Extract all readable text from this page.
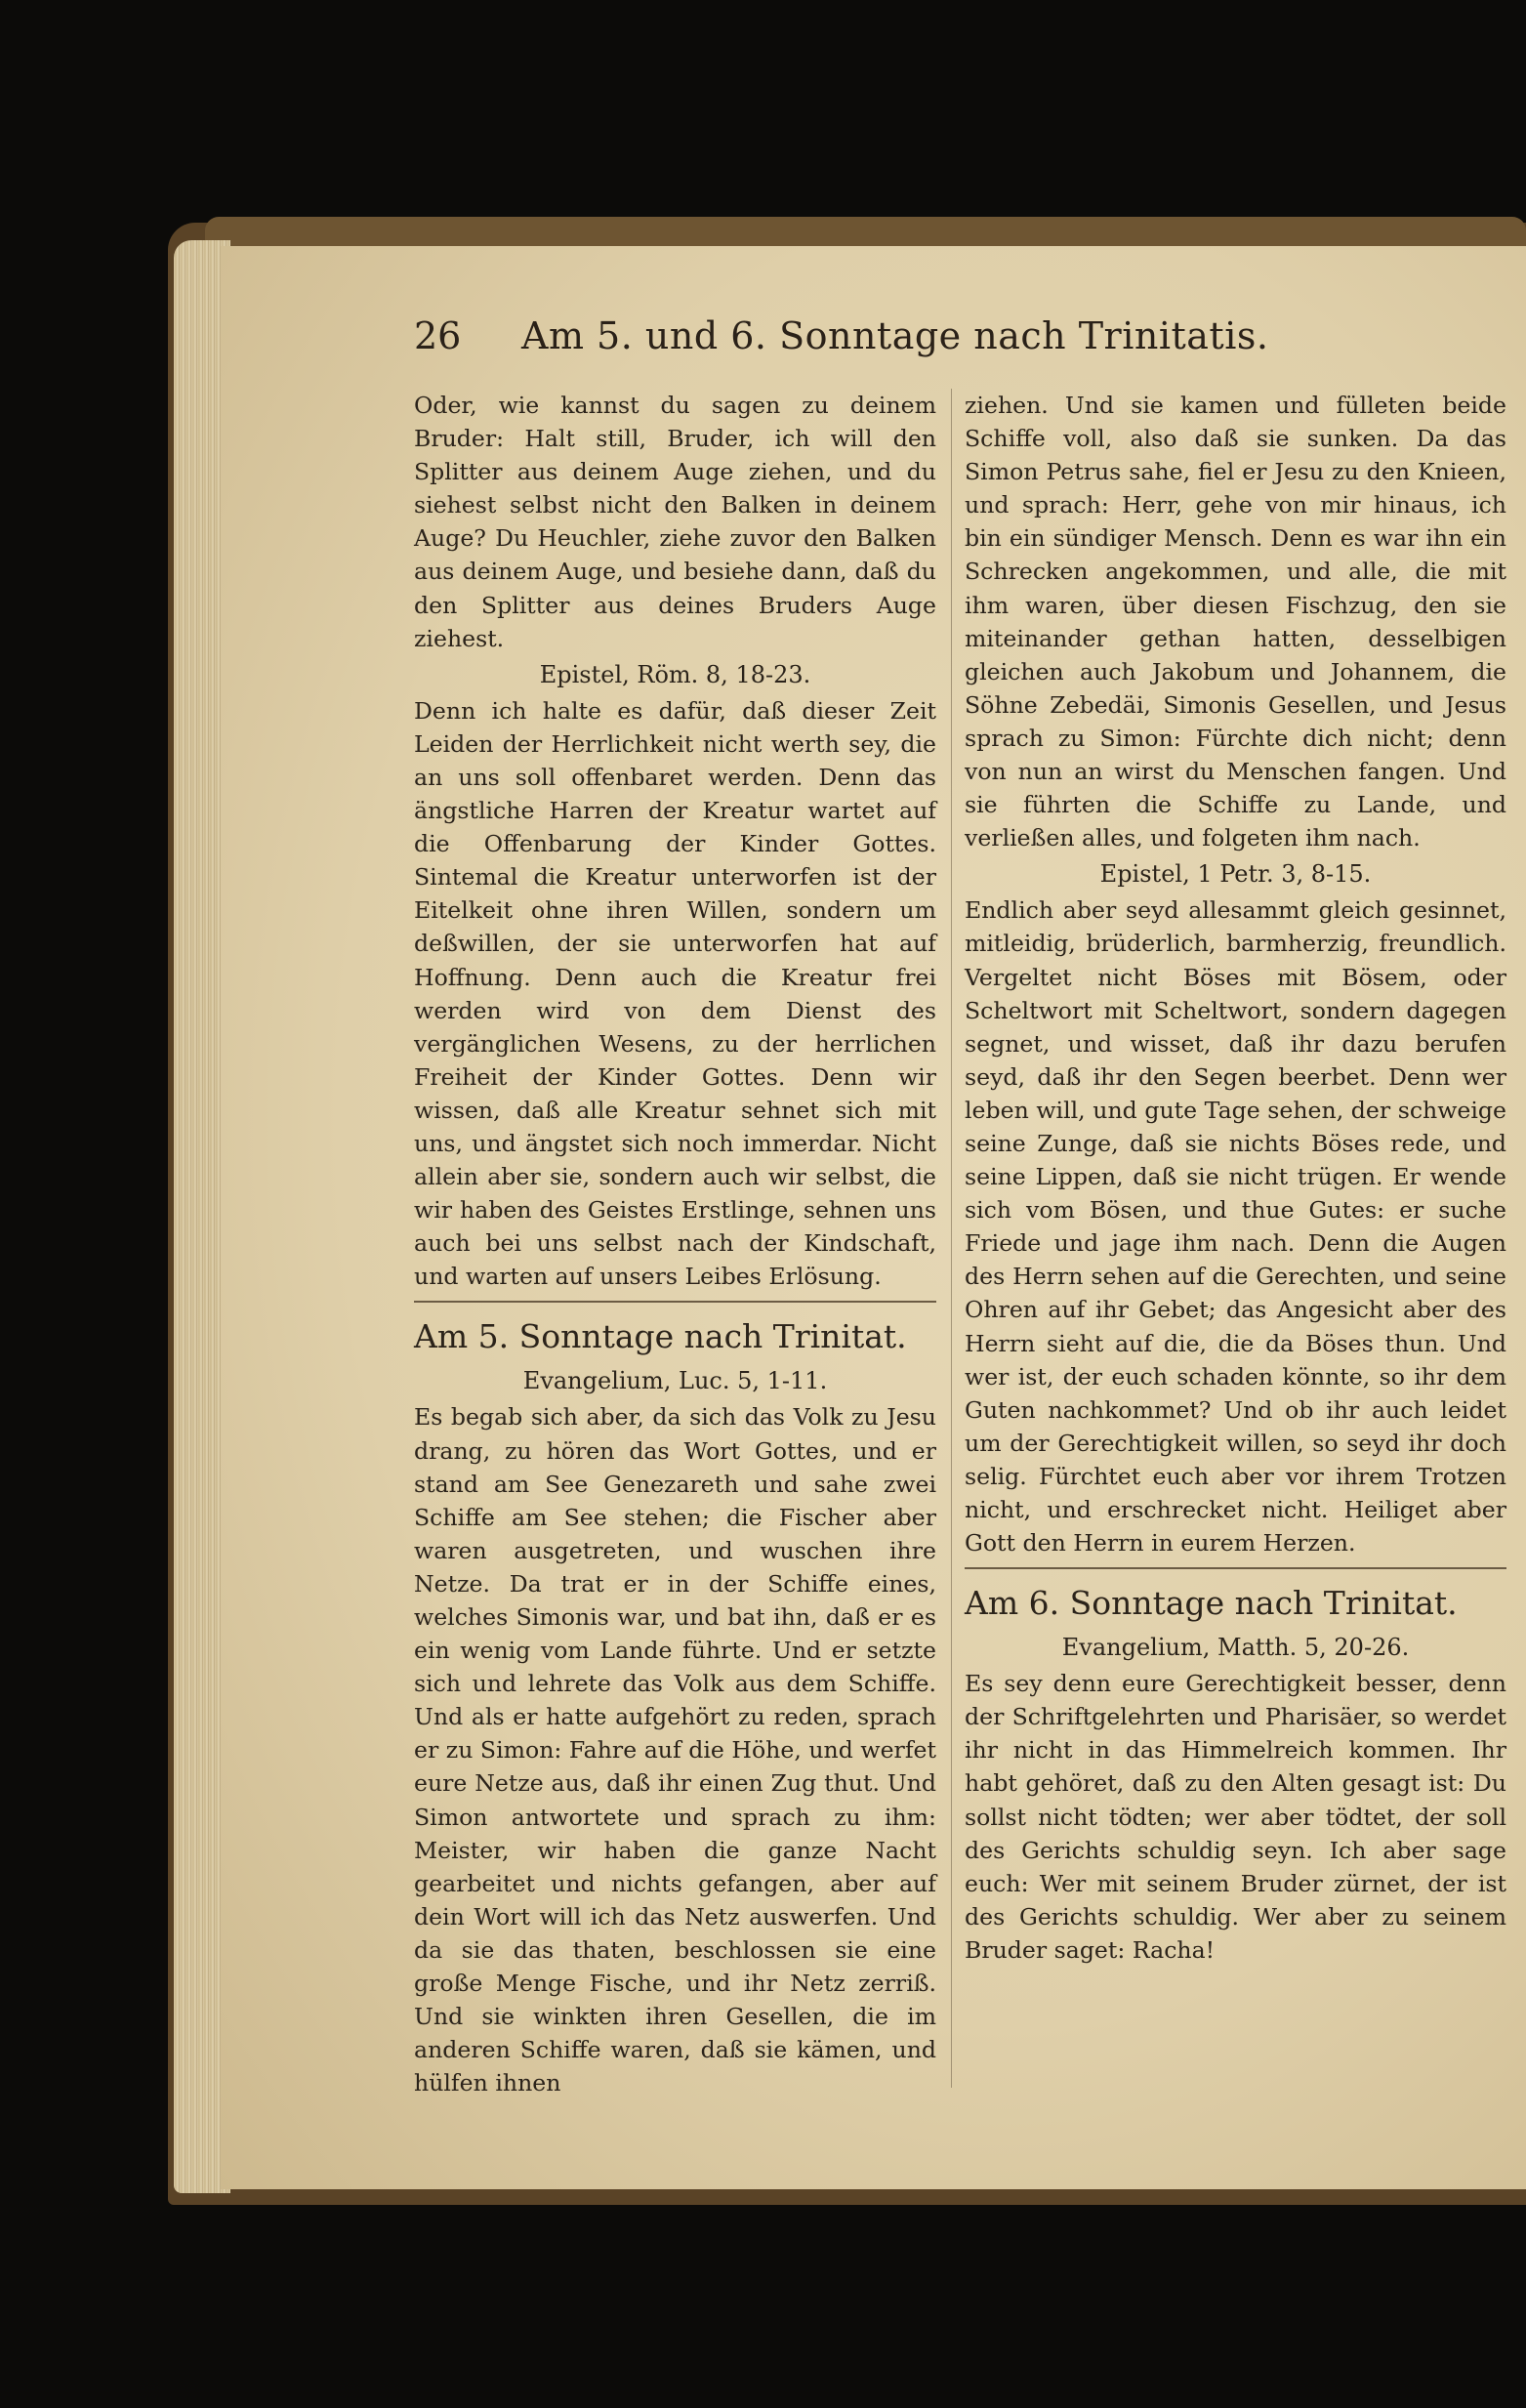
26 Am 5. und 6. Sonntage nach Trinitatis.

Oder, wie kannst du sagen zu deinem Bruder: Halt still, Bruder, ich will den Splitter aus deinem Auge ziehen, und du siehest selbst nicht den Balken in deinem Auge? Du Heuchler, ziehe zuvor den Balken aus deinem Auge, und besiehe dann, daß du den Splitter aus deines Bruders Auge ziehest.

Epistel, Röm. 8, 18-23.

Denn ich halte es dafür, daß dieser Zeit Leiden der Herrlichkeit nicht werth sey, die an uns soll offenbaret werden. Denn das ängstliche Harren der Kreatur wartet auf die Offenbarung der Kinder Gottes. Sintemal die Kreatur unterworfen ist der Eitelkeit ohne ihren Willen, sondern um deßwillen, der sie unterworfen hat auf Hoffnung. Denn auch die Kreatur frei werden wird von dem Dienst des vergänglichen Wesens, zu der herrlichen Freiheit der Kinder Gottes. Denn wir wissen, daß alle Kreatur sehnet sich mit uns, und ängstet sich noch immerdar. Nicht allein aber sie, sondern auch wir selbst, die wir haben des Geistes Erstlinge, sehnen uns auch bei uns selbst nach der Kindschaft, und warten auf unsers Leibes Erlösung.

Am 5. Sonntage nach Trinitat.
Evangelium, Luc. 5, 1-11.

Es begab sich aber, da sich das Volk zu Jesu drang, zu hören das Wort Gottes, und er stand am See Genezareth und sahe zwei Schiffe am See stehen; die Fischer aber waren ausgetreten, und wuschen ihre Netze. Da trat er in der Schiffe eines, welches Simonis war, und bat ihn, daß er es ein wenig vom Lande führte. Und er setzte sich und lehrete das Volk aus dem Schiffe. Und als er hatte aufgehört zu reden, sprach er zu Simon: Fahre auf die Höhe, und werfet eure Netze aus, daß ihr einen Zug thut. Und Simon antwortete und sprach zu ihm: Meister, wir haben die ganze Nacht gearbeitet und nichts gefangen, aber auf dein Wort will ich das Netz auswerfen. Und da sie das thaten, beschlossen sie eine große Menge Fische, und ihr Netz zerriß. Und sie winkten ihren Gesellen, die im anderen Schiffe waren, daß sie kämen, und hülfen ihnen

ziehen. Und sie kamen und fülleten beide Schiffe voll, also daß sie sunken. Da das Simon Petrus sahe, fiel er Jesu zu den Knieen, und sprach: Herr, gehe von mir hinaus, ich bin ein sündiger Mensch. Denn es war ihn ein Schrecken angekommen, und alle, die mit ihm waren, über diesen Fischzug, den sie miteinander gethan hatten, desselbigen gleichen auch Jakobum und Johannem, die Söhne Zebedäi, Simonis Gesellen, und Jesus sprach zu Simon: Fürchte dich nicht; denn von nun an wirst du Menschen fangen. Und sie führten die Schiffe zu Lande, und verließen alles, und folgeten ihm nach.

Epistel, 1 Petr. 3, 8-15.

Endlich aber seyd allesammt gleich gesinnet, mitleidig, brüderlich, barmherzig, freundlich. Vergeltet nicht Böses mit Bösem, oder Scheltwort mit Scheltwort, sondern dagegen segnet, und wisset, daß ihr dazu berufen seyd, daß ihr den Segen beerbet. Denn wer leben will, und gute Tage sehen, der schweige seine Zunge, daß sie nichts Böses rede, und seine Lippen, daß sie nicht trügen. Er wende sich vom Bösen, und thue Gutes: er suche Friede und jage ihm nach. Denn die Augen des Herrn sehen auf die Gerechten, und seine Ohren auf ihr Gebet; das Angesicht aber des Herrn sieht auf die, die da Böses thun. Und wer ist, der euch schaden könnte, so ihr dem Guten nachkommet? Und ob ihr auch leidet um der Gerechtigkeit willen, so seyd ihr doch selig. Fürchtet euch aber vor ihrem Trotzen nicht, und erschrecket nicht. Heiliget aber Gott den Herrn in eurem Herzen.

Am 6. Sonntage nach Trinitat.
Evangelium, Matth. 5, 20-26.

Es sey denn eure Gerechtigkeit besser, denn der Schriftgelehrten und Pharisäer, so werdet ihr nicht in das Himmelreich kommen. Ihr habt gehöret, daß zu den Alten gesagt ist: Du sollst nicht tödten; wer aber tödtet, der soll des Gerichts schuldig seyn. Ich aber sage euch: Wer mit seinem Bruder zürnet, der ist des Gerichts schuldig. Wer aber zu seinem Bruder saget: Racha!
